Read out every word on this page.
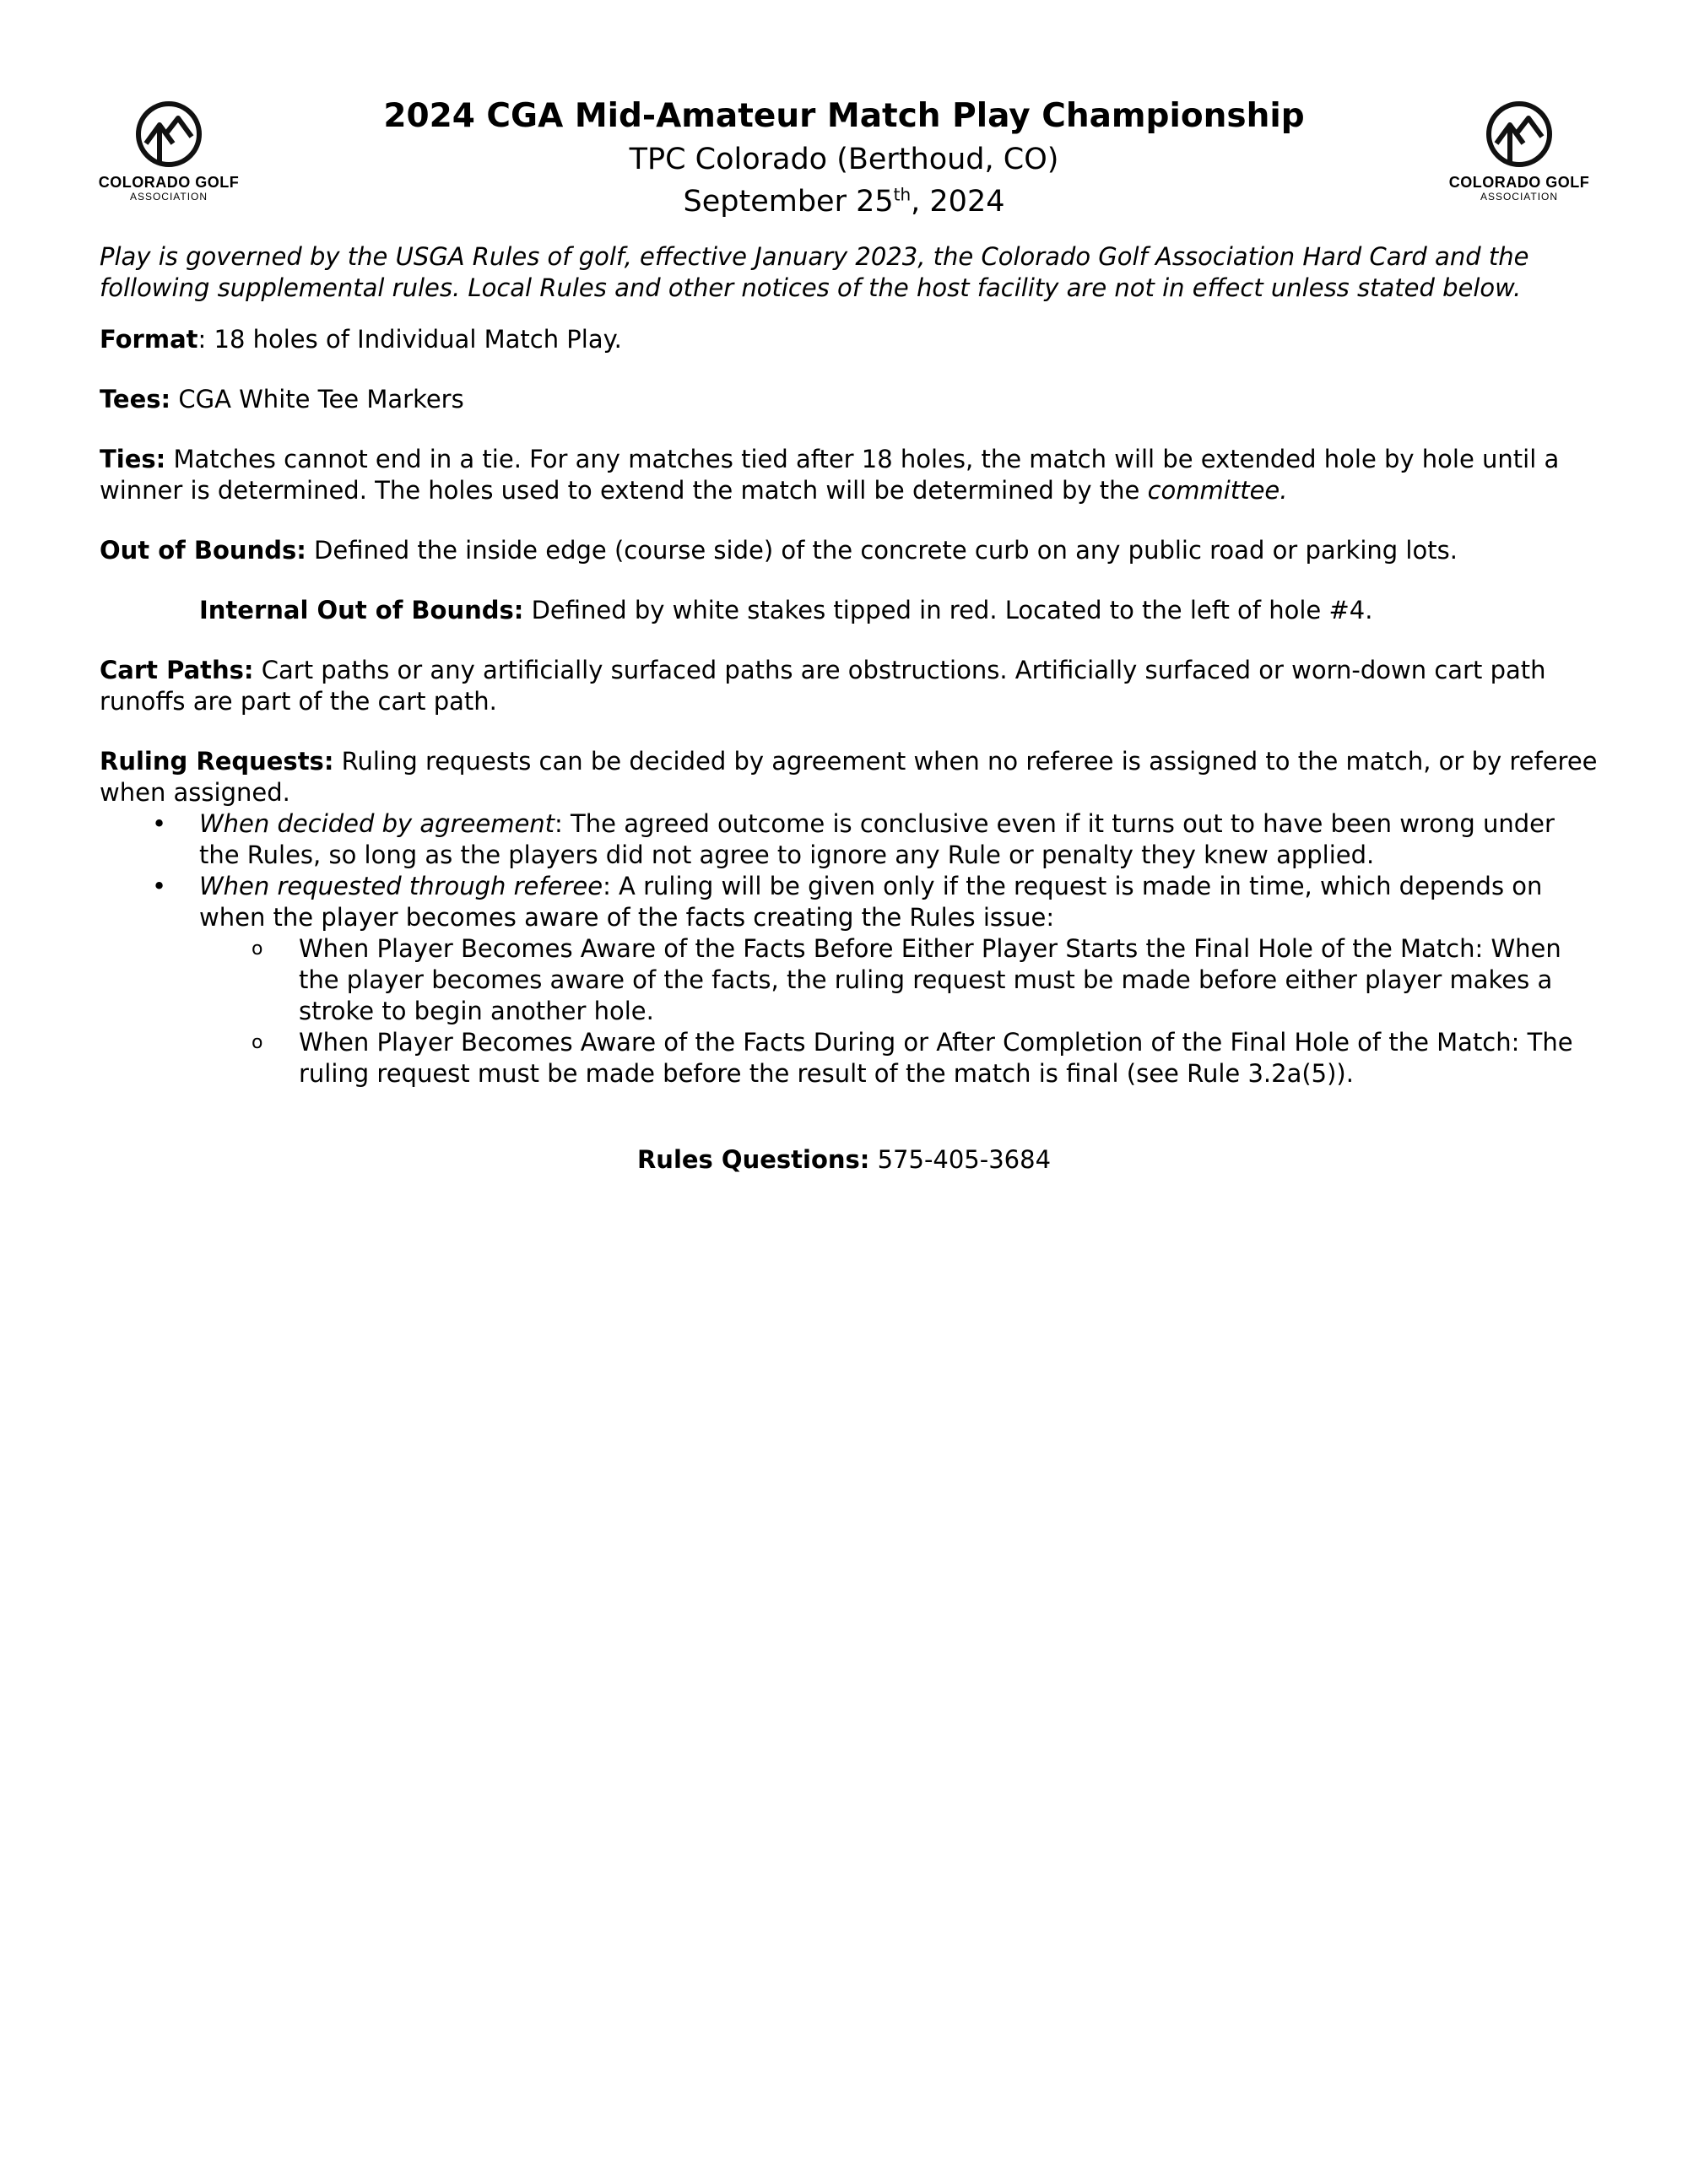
COLORADO GOLF
ASSOCIATION
COLORADO GOLF
ASSOCIATION

2024 CGA Mid-Amateur Match Play Championship

TPC Colorado (Berthoud, CO)

September 25th, 2024

Play is governed by the USGA Rules of golf, effective January 2023, the Colorado Golf Association Hard Card and the following supplemental rules. Local Rules and other notices of the host facility are not in effect unless stated below.

Format: 18 holes of Individual Match Play.

Tees: CGA White Tee Markers

Ties: Matches cannot end in a tie. For any matches tied after 18 holes, the match will be extended hole by hole until a winner is determined. The holes used to extend the match will be determined by the committee.

Out of Bounds: Defined the inside edge (course side) of the concrete curb on any public road or parking lots.

Internal Out of Bounds: Defined by white stakes tipped in red. Located to the left of hole #4.

Cart Paths: Cart paths or any artificially surfaced paths are obstructions. Artificially surfaced or worn-down cart path runoffs are part of the cart path.

Ruling Requests: Ruling requests can be decided by agreement when no referee is assigned to the match, or by referee when assigned.

• When decided by agreement: The agreed outcome is conclusive even if it turns out to have been wrong under the Rules, so long as the players did not agree to ignore any Rule or penalty they knew applied.
• When requested through referee: A ruling will be given only if the request is made in time, which depends on when the player becomes aware of the facts creating the Rules issue:
o When Player Becomes Aware of the Facts Before Either Player Starts the Final Hole of the Match: When the player becomes aware of the facts, the ruling request must be made before either player makes a stroke to begin another hole.
o When Player Becomes Aware of the Facts During or After Completion of the Final Hole of the Match: The ruling request must be made before the result of the match is final (see Rule 3.2a(5)).
Rules Questions: 575-405-3684
